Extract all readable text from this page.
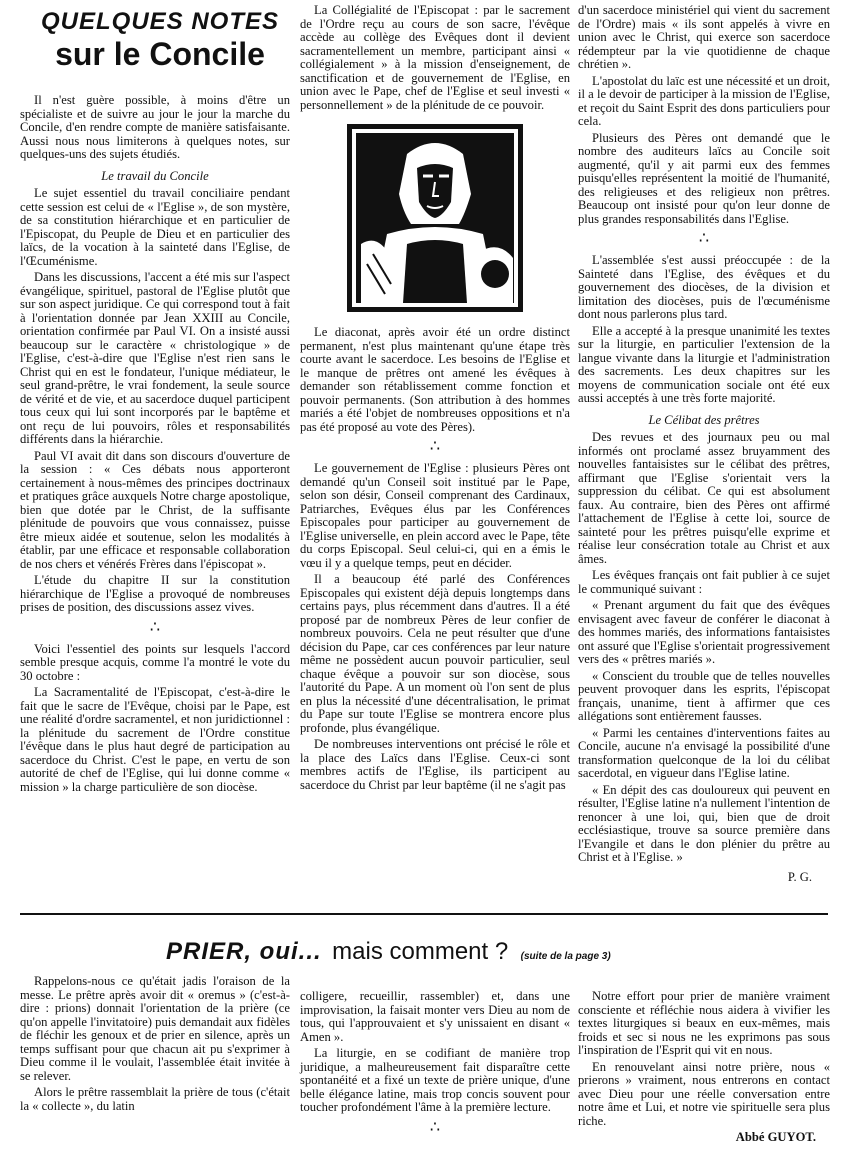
QUELQUES NOTES
sur le Concile

Il n'est guère possible, à moins d'être un spécialiste et de suivre au jour le jour la marche du Concile, d'en rendre compte de manière satisfaisante. Aussi nous nous limiterons à quelques notes, sur quelques-uns des sujets étudiés.

Le travail du Concile

Le sujet essentiel du travail conciliaire pendant cette session est celui de « l'Eglise », de son mystère, de sa constitution hiérarchique et en particulier de l'Episcopat, du Peuple de Dieu et en particulier des laïcs, de la vocation à la sainteté dans l'Eglise, de l'Œcuménisme.

Dans les discussions, l'accent a été mis sur l'aspect évangélique, spirituel, pastoral de l'Eglise plutôt que sur son aspect juridique. Ce qui correspond tout à fait à l'orientation donnée par Jean XXIII au Concile, orientation confirmée par Paul VI. On a insisté aussi beaucoup sur le caractère « christologique » de l'Eglise, c'est-à-dire que l'Eglise n'est rien sans le Christ qui en est le fondateur, l'unique médiateur, le seul grand-prêtre, le vrai fondement, la seule source de vérité et de vie, et au sacerdoce duquel participent tous ceux qui lui sont incorporés par le baptême et ont reçu de lui pouvoirs, rôles et responsabilités différents dans la hiérarchie.

Paul VI avait dit dans son discours d'ouverture de la session : « Ces débats nous apporteront certainement à nous-mêmes des principes doctrinaux et pratiques grâce auxquels Notre charge apostolique, bien que dotée par le Christ, de la suffisante plénitude de pouvoirs que vous connaissez, puisse être mieux aidée et soutenue, selon les modalités à établir, par une efficace et responsable collaboration de nos chers et vénérés Frères dans l'épiscopat ».

L'étude du chapitre II sur la constitution hiérarchique de l'Eglise a provoqué de nombreuses prises de position, des discussions assez vives.

∴

Voici l'essentiel des points sur lesquels l'accord semble presque acquis, comme l'a montré le vote du 30 octobre :

La Sacramentalité de l'Episcopat, c'est-à-dire le fait que le sacre de l'Evêque, choisi par le Pape, est une réalité d'ordre sacramentel, et non juridictionnel : la plénitude du sacrement de l'Ordre constitue l'évêque dans le plus haut degré de participation au sacerdoce du Christ. C'est le pape, en vertu de son autorité de chef de l'Eglise, qui lui donne comme « mission » la charge particulière de son diocèse.

La Collégialité de l'Episcopat : par le sacrement de l'Ordre reçu au cours de son sacre, l'évêque accède au collège des Evêques dont il devient sacramentellement un membre, participant ainsi « collégialement » à la mission d'enseignement, de sanctification et de gouvernement de l'Eglise, en union avec le Pape, chef de l'Eglise et seul investi « personnellement » de la plénitude de ce pouvoir.

Le diaconat, après avoir été un ordre distinct permanent, n'est plus maintenant qu'une étape très courte avant le sacerdoce. Les besoins de l'Eglise et le manque de prêtres ont amené les évêques à demander son rétablissement comme fonction et pouvoir permanents. (Son attribution à des hommes mariés a été l'objet de nombreuses oppositions et n'a pas été proposé au vote des Pères).

∴

Le gouvernement de l'Eglise : plusieurs Pères ont demandé qu'un Conseil soit institué par le Pape, selon son désir, Conseil comprenant des Cardinaux, Patriarches, Evêques élus par les Conférences Episcopales pour participer au gouvernement de l'Eglise universelle, en plein accord avec le Pape, tête du corps Episcopal. Seul celui-ci, qui en a émis le vœu il y a quelque temps, peut en décider.

Il a beaucoup été parlé des Conférences Episcopales qui existent déjà depuis longtemps dans certains pays, plus récemment dans d'autres. Il a été proposé par de nombreux Pères de leur confier de nombreux pouvoirs. Cela ne peut résulter que d'une décision du Pape, car ces conférences par leur nature même ne possèdent aucun pouvoir particulier, seul chaque évêque a pouvoir sur son diocèse, sous l'autorité du Pape. A un moment où l'on sent de plus en plus la nécessité d'une décentralisation, le primat du Pape sur toute l'Eglise se montrera encore plus profonde, plus évangélique.

De nombreuses interventions ont précisé le rôle et la place des Laïcs dans l'Eglise. Ceux-ci sont membres actifs de l'Eglise, ils participent au sacerdoce du Christ par leur baptême (il ne s'agit pas

d'un sacerdoce ministériel qui vient du sacrement de l'Ordre) mais « ils sont appelés à vivre en union avec le Christ, qui exerce son sacerdoce rédempteur par la vie quotidienne de chaque chrétien ».

L'apostolat du laïc est une nécessité et un droit, il a le devoir de participer à la mission de l'Eglise, et reçoit du Saint Esprit des dons particuliers pour cela.

Plusieurs des Pères ont demandé que le nombre des auditeurs laïcs au Concile soit augmenté, qu'il y ait parmi eux des femmes puisqu'elles représentent la moitié de l'humanité, des religieuses et des religieux non prêtres. Beaucoup ont insisté pour qu'on leur donne de plus grandes responsabilités dans l'Eglise.

∴

L'assemblée s'est aussi préoccupée : de la Sainteté dans l'Eglise, des évêques et du gouvernement des diocèses, de la division et limitation des diocèses, puis de l'œcuménisme dont nous parlerons plus tard.

Elle a accepté à la presque unanimité les textes sur la liturgie, en particulier l'extension de la langue vivante dans la liturgie et l'administration des sacrements. Les deux chapitres sur les moyens de communication sociale ont été eux aussi acceptés à une très forte majorité.

Le Célibat des prêtres

Des revues et des journaux peu ou mal informés ont proclamé assez bruyamment des nouvelles fantaisistes sur le célibat des prêtres, affirmant que l'Eglise s'orientait vers la suppression du célibat. Ce qui est absolument faux. Au contraire, bien des Pères ont affirmé l'attachement de l'Eglise à cette loi, source de sainteté pour les prêtres puisqu'elle exprime et réalise leur consécration totale au Christ et aux âmes.

Les évêques français ont fait publier à ce sujet le communiqué suivant :

« Prenant argument du fait que des évêques envisagent avec faveur de conférer le diaconat à des hommes mariés, des informations fantaisistes ont assuré que l'Eglise s'orientait progressivement vers des « prêtres mariés ».

« Conscient du trouble que de telles nouvelles peuvent provoquer dans les esprits, l'épiscopat français, unanime, tient à affirmer que ces allégations sont entièrement fausses.

« Parmi les centaines d'interventions faites au Concile, aucune n'a envisagé la possibilité d'une transformation quelconque de la loi du célibat sacerdotal, en vigueur dans l'Eglise latine.

« En dépit des cas douloureux qui peuvent en résulter, l'Eglise latine n'a nullement l'intention de renoncer à une loi, qui, bien que de droit ecclésiastique, trouve sa source première dans l'Evangile et dans le don plénier du prêtre au Christ et à l'Eglise. »

P. G.
PRIER, oui... mais comment ? (suite de la page 3)

Rappelons-nous ce qu'était jadis l'oraison de la messe. Le prêtre après avoir dit « oremus » (c'est-à-dire : prions) donnait l'orientation de la prière (ce qu'on appelle l'invitatoire) puis demandait aux fidèles de fléchir les genoux et de prier en silence, après un temps suffisant pour que chacun ait pu s'exprimer à Dieu comme il le voulait, l'assemblée était invitée à se relever.

Alors le prêtre rassemblait la prière de tous (c'était la « collecte », du latin

colligere, recueillir, rassembler) et, dans une improvisation, la faisait monter vers Dieu au nom de tous, qui l'approuvaient et s'y unissaient en disant « Amen ».

La liturgie, en se codifiant de manière trop juridique, a malheureusement fait disparaître cette spontanéité et a fixé un texte de prière unique, d'une belle élégance latine, mais trop concis souvent pour toucher profondément l'âme à la première lecture.

∴

Notre effort pour prier de manière vraiment consciente et réfléchie nous aidera à vivifier les textes liturgiques si beaux en eux-mêmes, mais froids et sec si nous ne les exprimons pas sous l'inspiration de l'Esprit qui vit en nous.

En renouvelant ainsi notre prière, nous « prierons » vraiment, nous entrerons en contact avec Dieu pour une réelle conversation entre notre âme et Lui, et notre vie spirituelle sera plus riche.

Abbé GUYOT.
